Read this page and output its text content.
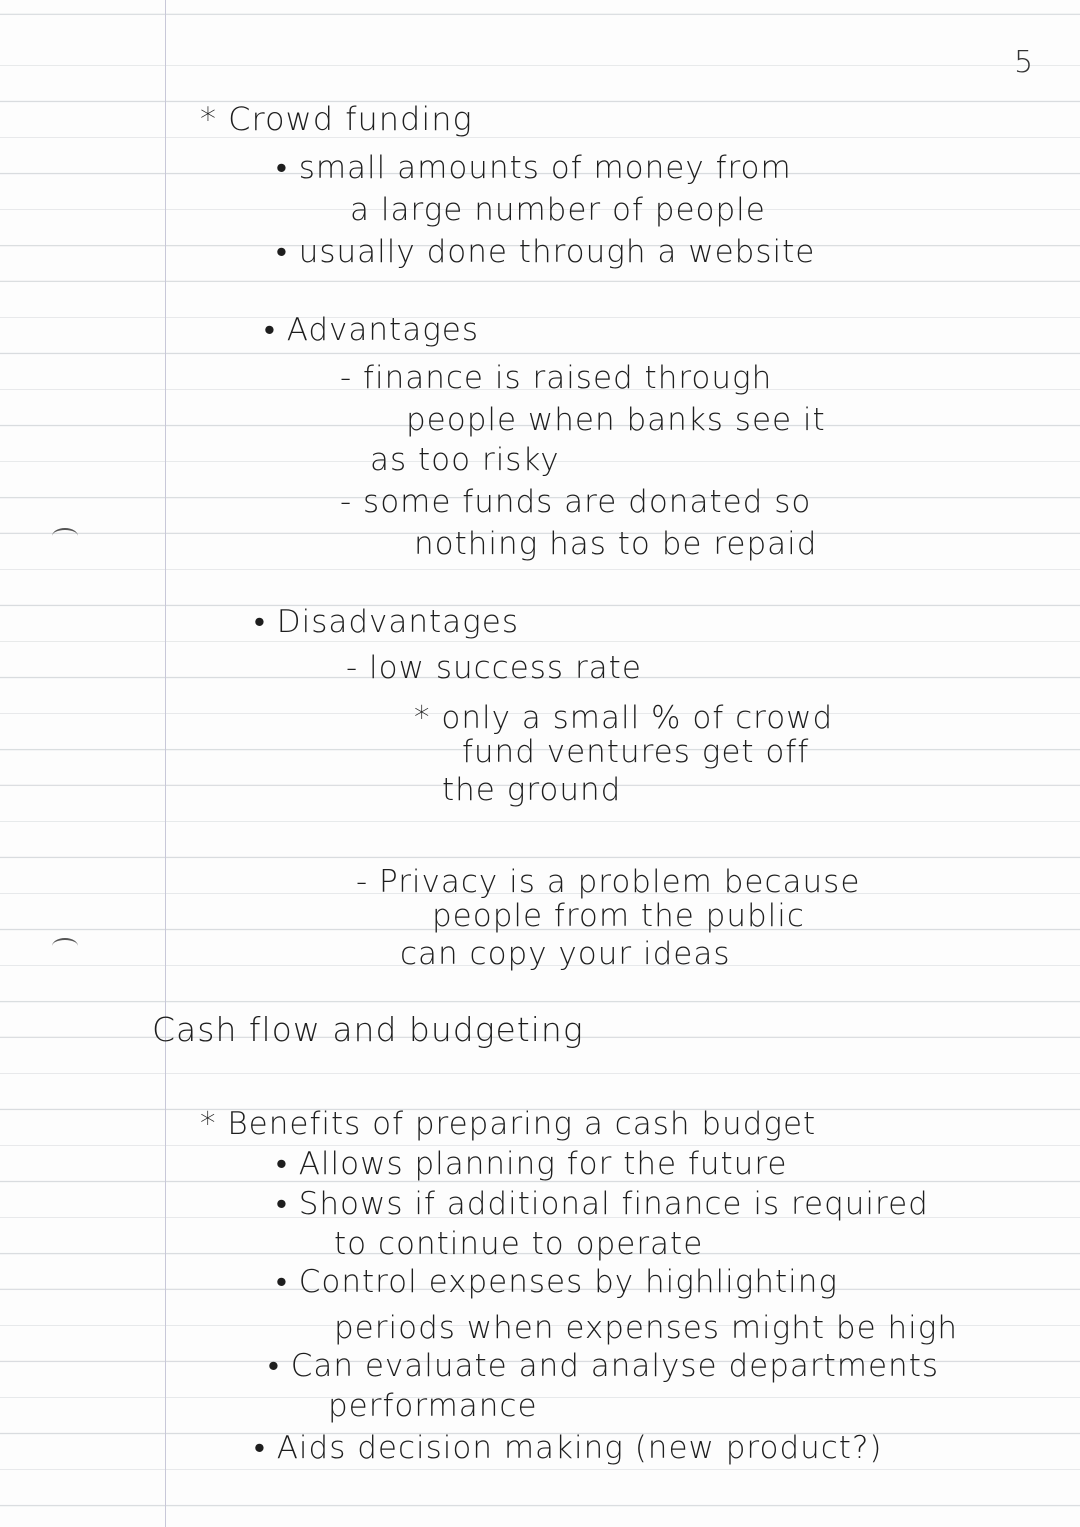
5
* Crowd funding
• small amounts of money from
a large number of people
• usually done through a website
• Advantages
- finance is raised through
people when banks see it
as too risky
- some funds are donated so
nothing has to be repaid
• Disadvantages
- low success rate
* only a small % of crowd
fund ventures get off
the ground
- Privacy is a problem because
people from the public
can copy your ideas
Cash flow and budgeting
* Benefits of preparing a cash budget
• Allows planning for the future
• Shows if additional finance is required
to continue to operate
• Control expenses by highlighting
periods when expenses might be high
• Can evaluate and analyse departments
performance
• Aids decision making (new product?)
